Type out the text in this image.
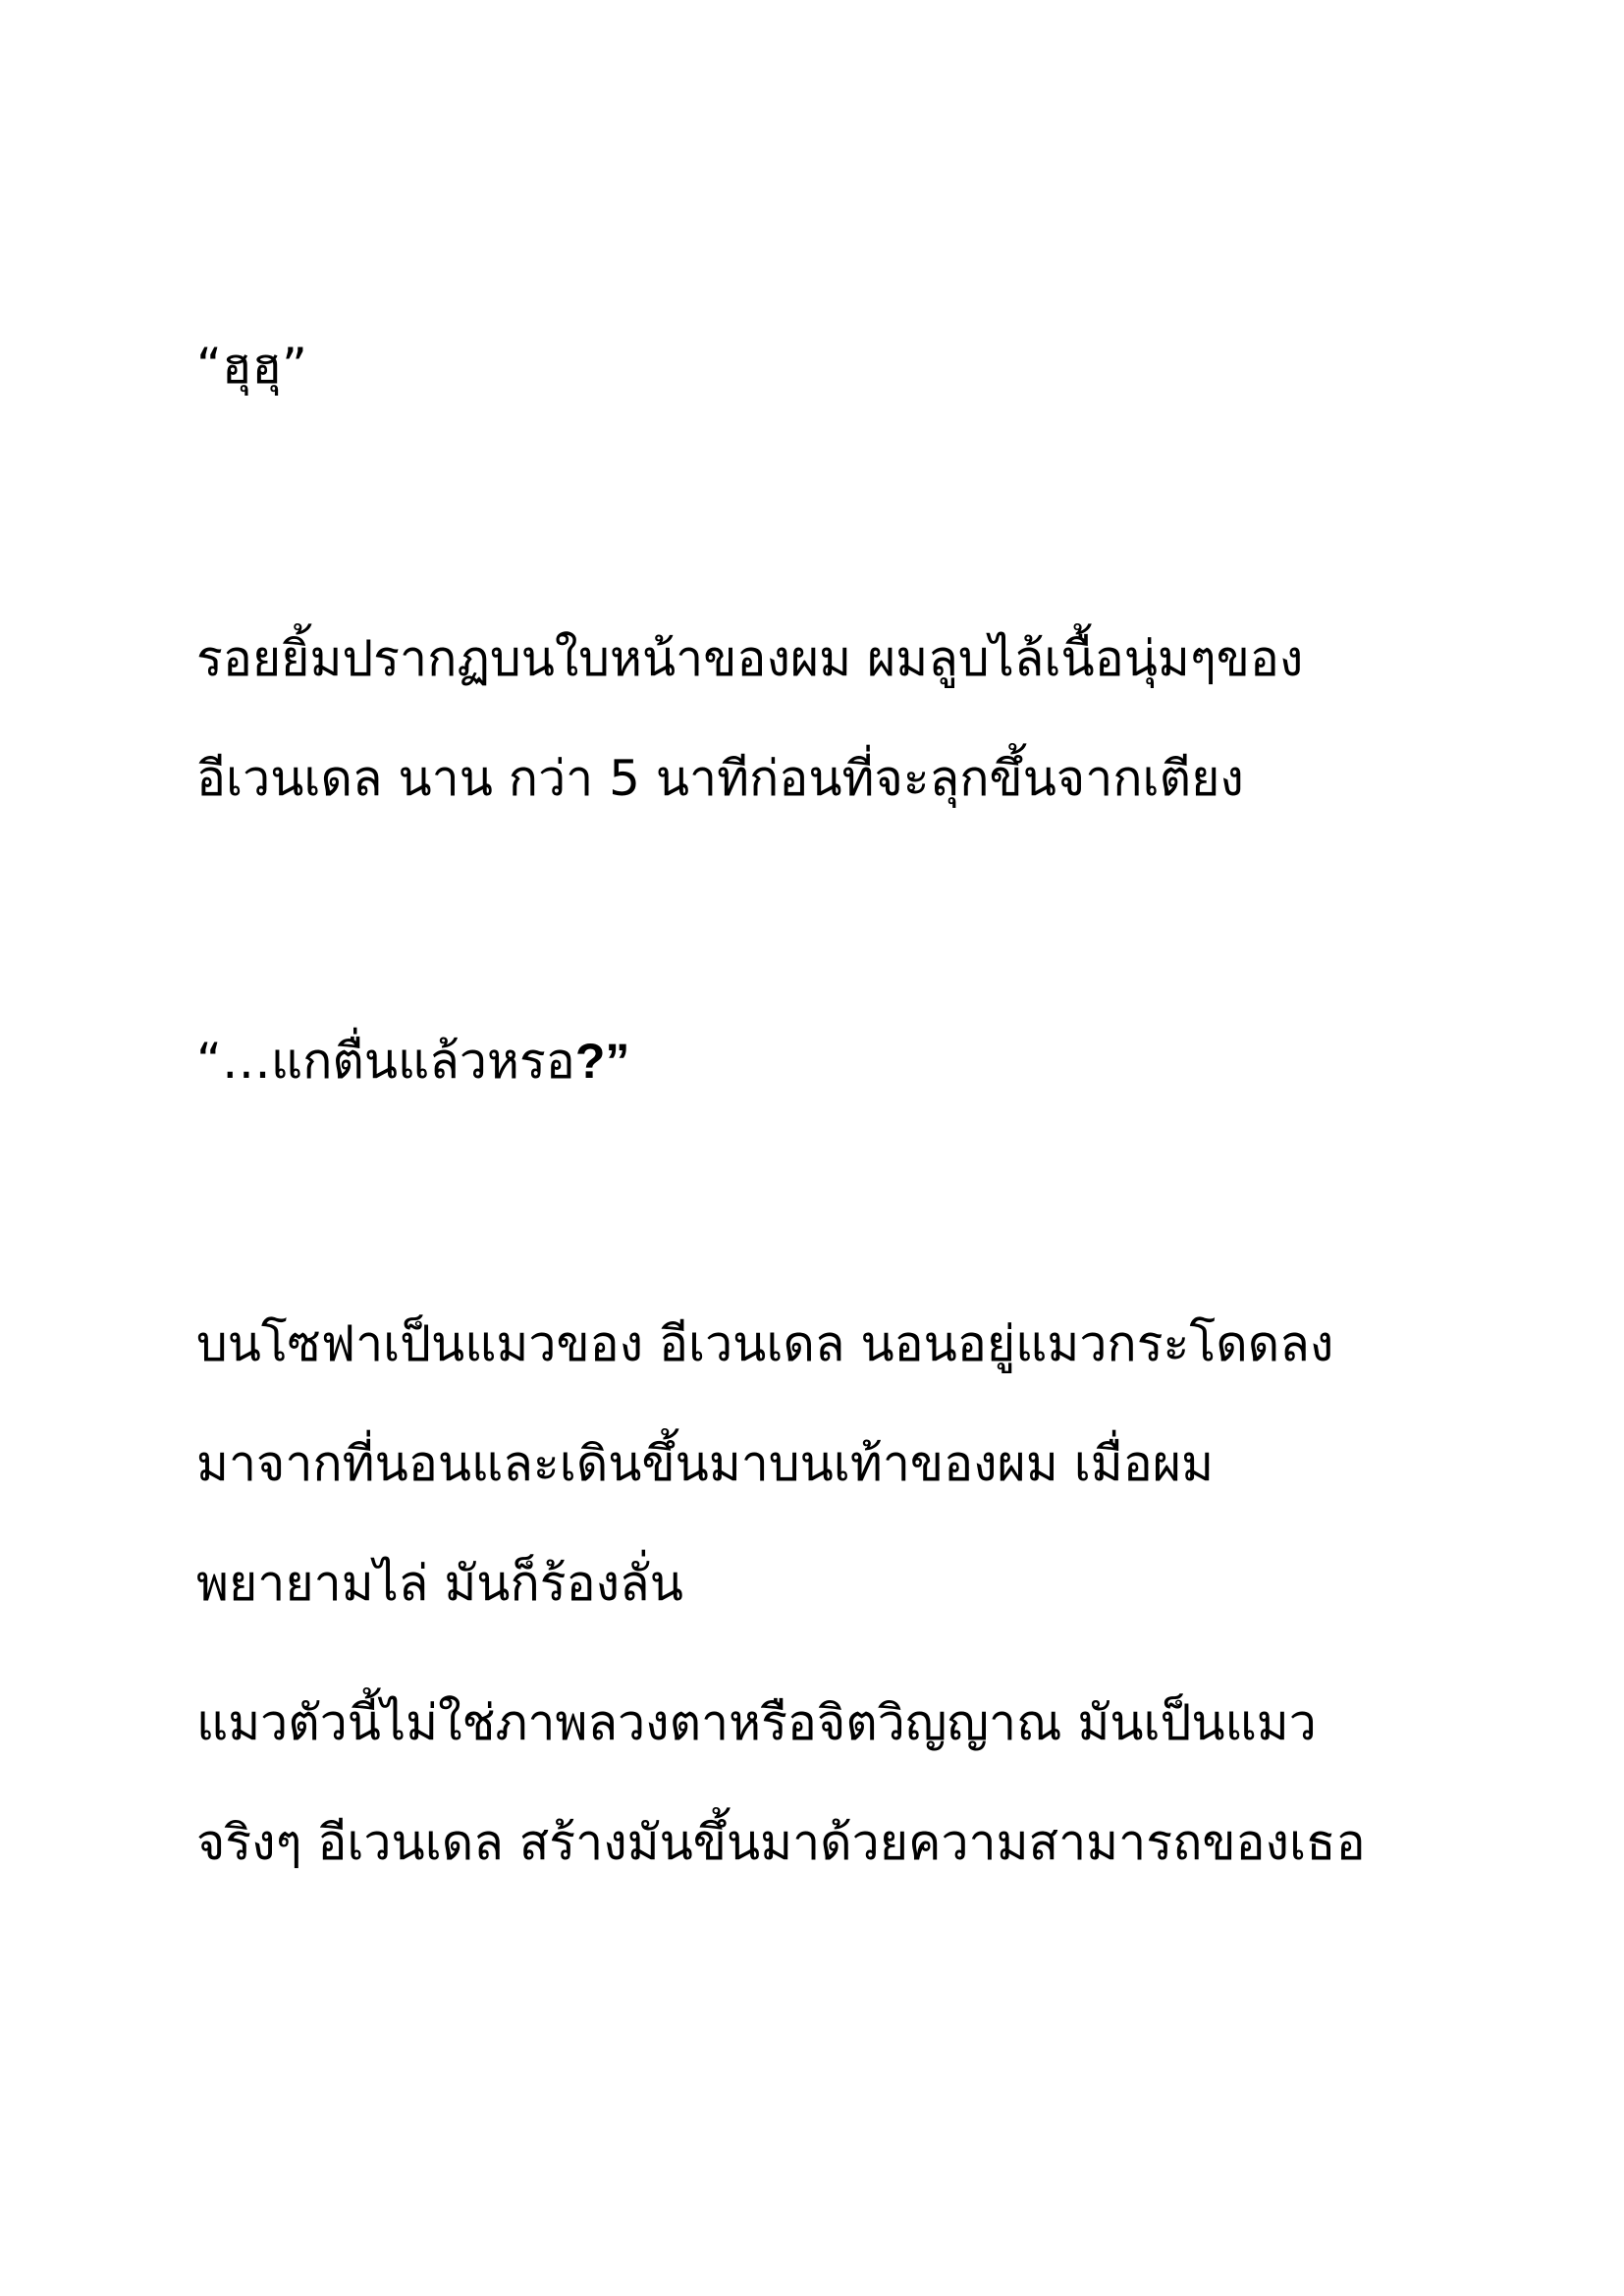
“ฮุฮุ”

รอยยิ้มปรากฏบนใบหน้าของผม ผมลูบไล้เนื้อนุ่มๆของ

อีเวนเดล นาน กว่า 5 นาทีก่อนที่จะลุกขึ้นจากเตียง

“…แกตื่นแล้วหรอ?”

บนโซฟาเป็นแมวของ อีเวนเดล นอนอยู่แมวกระโดดลง

มาจากที่นอนและเดินขึ้นมาบนเท้าของผม เมื่อผม

พยายามไล่ มันก็ร้องลั่น

แมวตัวนี้ไม่ใช่ภาพลวงตาหรือจิตวิญญาณ มันเป็นแมว

จริงๆ อีเวนเดล สร้างมันขึ้นมาด้วยความสามารถของเธอ
